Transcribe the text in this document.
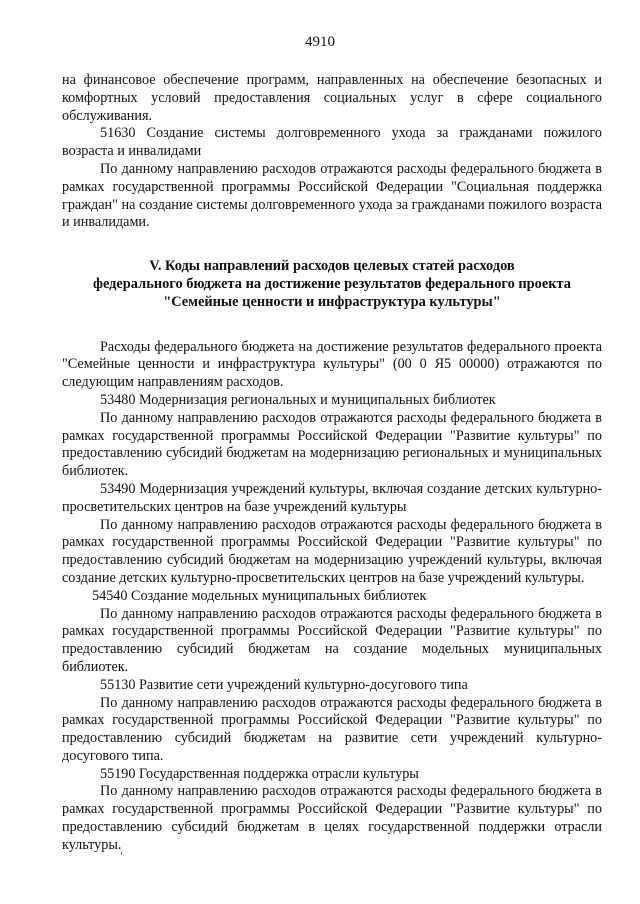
4910

на финансовое обеспечение программ, направленных на обеспечение безопасных и комфортных условий предоставления социальных услуг в сфере социального обслуживания.

51630 Создание системы долговременного ухода за гражданами пожилого возраста и инвалидами

По данному направлению расходов отражаются расходы федерального бюджета в рамках государственной программы Российской Федерации "Социальная поддержка граждан" на создание системы долговременного ухода за гражданами пожилого возраста и инвалидами.

V. Коды направлений расходов целевых статей расходов
федерального бюджета на достижение результатов федерального проекта
"Семейные ценности и инфраструктура культуры"

Расходы федерального бюджета на достижение результатов федерального проекта "Семейные ценности и инфраструктура культуры" (00 0 Я5 00000) отражаются по следующим направлениям расходов.

53480 Модернизация региональных и муниципальных библиотек

По данному направлению расходов отражаются расходы федерального бюджета в рамках государственной программы Российской Федерации "Развитие культуры" по предоставлению субсидий бюджетам на модернизацию региональных и муниципальных библиотек.

53490 Модернизация учреждений культуры, включая создание детских культурно-просветительских центров на базе учреждений культуры

По данному направлению расходов отражаются расходы федерального бюджета в рамках государственной программы Российской Федерации "Развитие культуры" по предоставлению субсидий бюджетам на модернизацию учреждений культуры, включая создание детских культурно-просветительских центров на базе учреждений культуры.

54540 Создание модельных муниципальных библиотек

По данному направлению расходов отражаются расходы федерального бюджета в рамках государственной программы Российской Федерации "Развитие культуры" по предоставлению субсидий бюджетам на создание модельных муниципальных библиотек.

55130 Развитие сети учреждений культурно-досугового типа

По данному направлению расходов отражаются расходы федерального бюджета в рамках государственной программы Российской Федерации "Развитие культуры" по предоставлению субсидий бюджетам на развитие сети учреждений культурно-досугового типа.

55190 Государственная поддержка отрасли культуры

По данному направлению расходов отражаются расходы федерального бюджета в рамках государственной программы Российской Федерации "Развитие культуры" по предоставлению субсидий бюджетам в целях государственной поддержки отрасли культуры.
